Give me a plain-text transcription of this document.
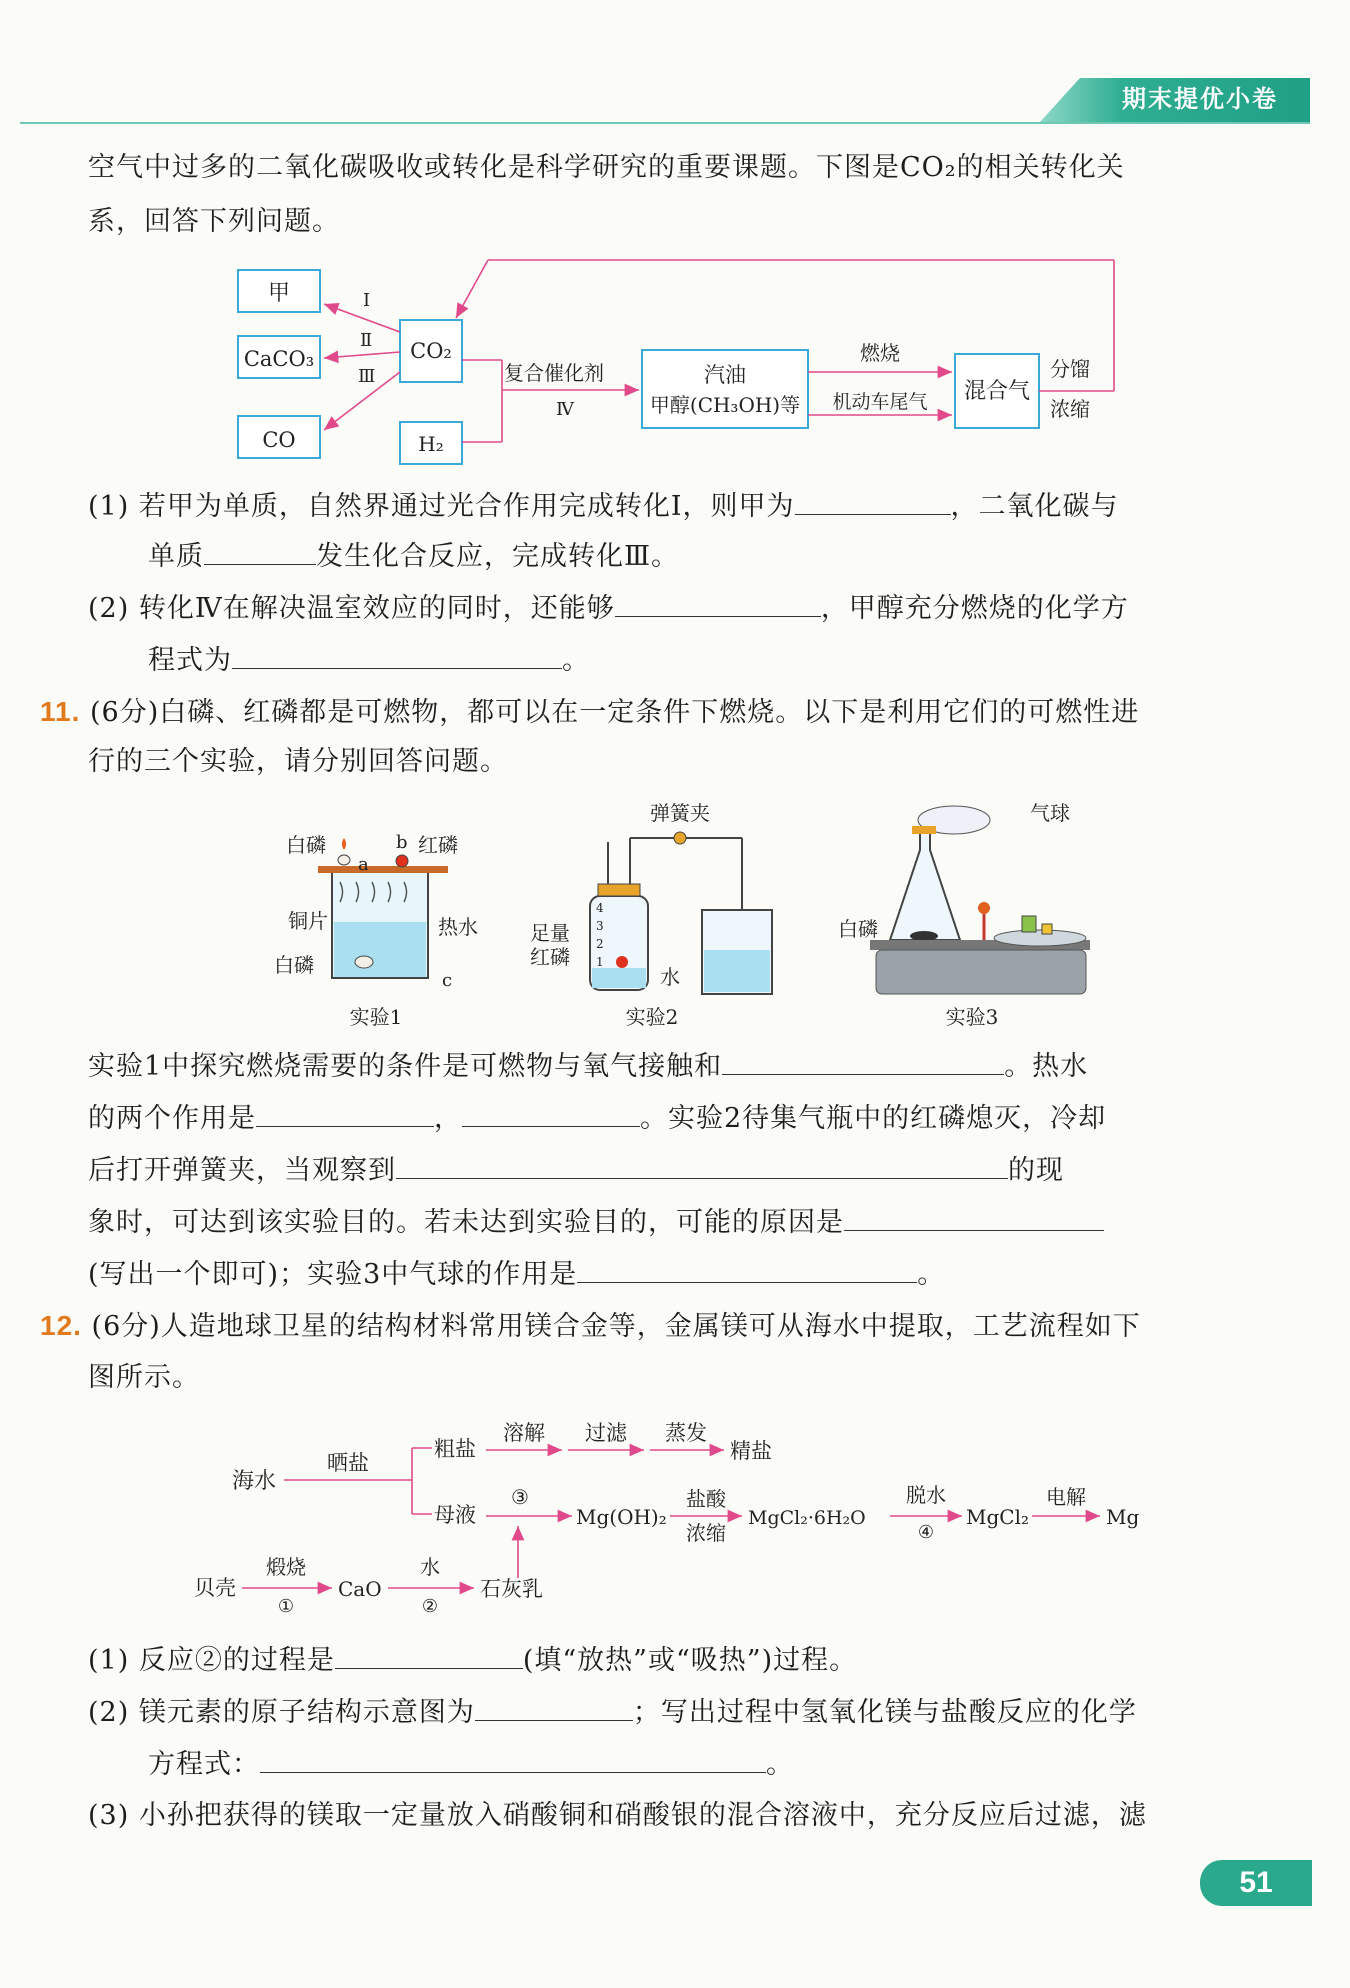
期末提优小卷
空气中过多的二氧化碳吸收或转化是科学研究的重要课题。下图是CO₂的相关转化关
系，回答下列问题。
甲
CaCO₃
CO
CO₂
H₂
汽油
甲醇(CH₃OH)等
混合气
Ⅰ
Ⅱ
Ⅲ	复合催化剂
Ⅳ
燃烧
机动车尾气
分馏
浓缩
(1) 若甲为单质，自然界通过光合作用完成转化Ⅰ，则甲为	，二氧化碳与
单质	发生化合反应，完成转化Ⅲ。
(2) 转化Ⅳ在解决温室效应的同时，还能够	，甲醇充分燃烧的化学方
程式为	。
11. (6分)白磷、红磷都是可燃物，都可以在一定条件下燃烧。以下是利用它们的可燃性进
行的三个实验，请分别回答问题。
白磷
a
b 红磷
铜片	热水
白磷
c
实验1
4
3
2
1
弹簧夹
足量
红磷
水
实验2
气球
白磷
实验3
实验1中探究燃烧需要的条件是可燃物与氧气接触和	。热水
的两个作用是	，	。实验2待集气瓶中的红磷熄灭，冷却
后打开弹簧夹，当观察到	的现
象时，可达到该实验目的。若未达到实验目的，可能的原因是
(写出一个即可)；实验3中气球的作用是	。
12. (6分)人造地球卫星的结构材料常用镁合金等，金属镁可从海水中提取，工艺流程如下
图所示。
海水
晒盐
粗盐
溶解 过滤 蒸发
精盐
母液
③
Mg(OH)₂
盐酸
浓缩
MgCl₂·6H₂O
脱水
④
MgCl₂
电解
Mg
贝壳
煅烧
①
CaO
水
②
石灰乳
(1) 反应②的过程是	(填“放热”或“吸热”)过程。
(2) 镁元素的原子结构示意图为	；写出过程中氢氧化镁与盐酸反应的化学
方程式：	。
(3) 小孙把获得的镁取一定量放入硝酸铜和硝酸银的混合溶液中，充分反应后过滤，滤
51
